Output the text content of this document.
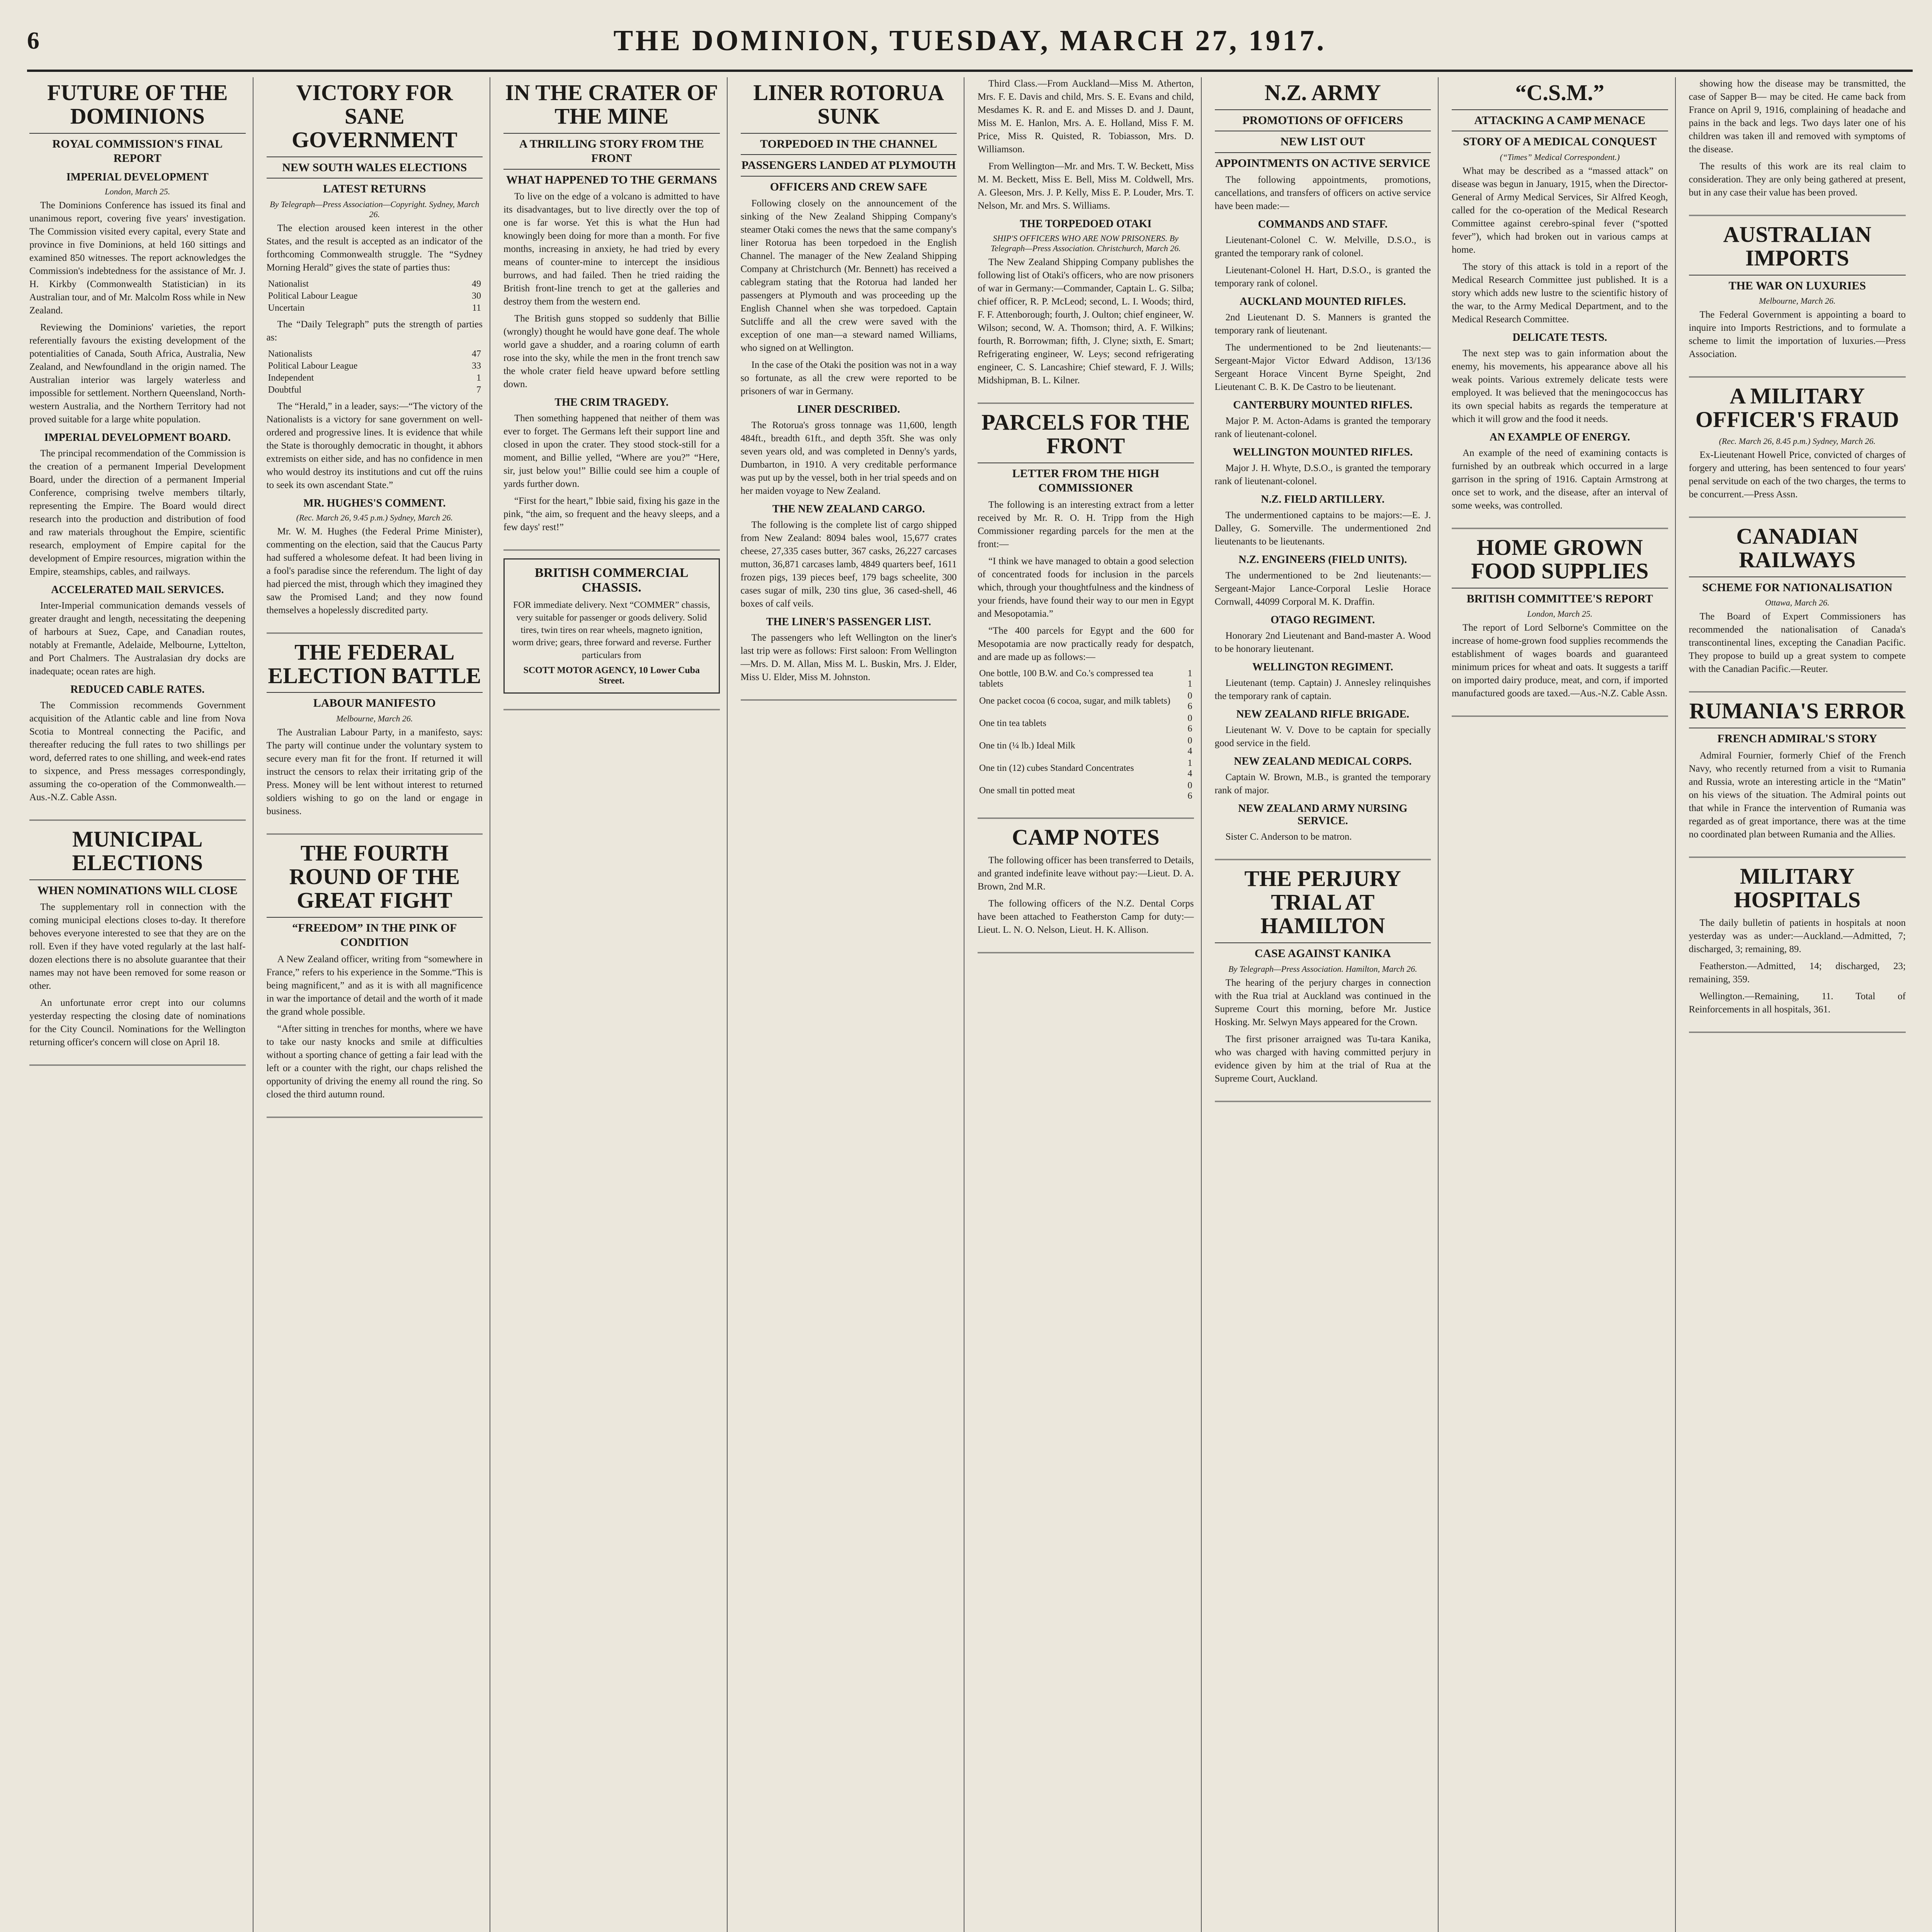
6	THE DOMINION, TUESDAY, MARCH 27, 1917.
FUTURE OF THE DOMINIONS
ROYAL COMMISSION'S FINAL REPORT
IMPERIAL DEVELOPMENT
London, March 25.

The Dominions Conference has issued its final and unanimous report, covering five years' investigation. The Commission visited every capital, every State and province in five Dominions, at held 160 sittings and examined 850 witnesses. The report acknowledges the Commission's indebtedness for the assistance of Mr. J. H. Kirkby (Commonwealth Statistician) in its Australian tour, and of Mr. Malcolm Ross while in New Zealand.

Reviewing the Dominions' varieties, the report referentially favours the existing development of the potentialities of Canada, South Africa, Australia, New Zealand, and Newfoundland in the origin named. The Australian interior was largely waterless and impossible for settlement. Northern Queensland, North-western Australia, and the Northern Territory had not proved suitable for a large white population.

IMPERIAL DEVELOPMENT BOARD.

The principal recommendation of the Commission is the creation of a permanent Imperial Development Board, under the direction of a permanent Imperial Conference, comprising twelve members tiltarly, representing the Empire. The Board would direct research into the production and distribution of food and raw materials throughout the Empire, scientific research, employment of Empire capital for the development of Empire resources, migration within the Empire, steamships, cables, and railways.

ACCELERATED MAIL SERVICES.

Inter-Imperial communication demands vessels of greater draught and length, necessitating the deepening of harbours at Suez, Cape, and Canadian routes, notably at Fremantle, Adelaide, Melbourne, Lyttelton, and Port Chalmers. The Australasian dry docks are inadequate; ocean rates are high.

REDUCED CABLE RATES.

The Commission recommends Government acquisition of the Atlantic cable and line from Nova Scotia to Montreal connecting the Pacific, and thereafter reducing the full rates to two shillings per word, deferred rates to one shilling, and week-end rates to sixpence, and Press messages correspondingly, assuming the co-operation of the Commonwealth.—Aus.-N.Z. Cable Assn.

MUNICIPAL ELECTIONS
WHEN NOMINATIONS WILL CLOSE

The supplementary roll in connection with the coming municipal elections closes to-day. It therefore behoves everyone interested to see that they are on the roll. Even if they have voted regularly at the last half-dozen elections there is no absolute guarantee that their names may not have been removed for some reason or other.

An unfortunate error crept into our columns yesterday respecting the closing date of nominations for the City Council. Nominations for the Wellington returning officer's concern will close on April 18.

VICTORY FOR SANE GOVERNMENT
NEW SOUTH WALES ELECTIONS
LATEST RETURNS
By Telegraph—Press Association—Copyright. Sydney, March 26.

The election aroused keen interest in the other States, and the result is accepted as an indicator of the forthcoming Commonwealth struggle. The “Sydney Morning Herald” gives the state of parties thus:

Nationalist	49
Political Labour League	30
Uncertain	11

The “Daily Telegraph” puts the strength of parties as:

Nationalists	47
Political Labour League	33
Independent	1
Doubtful	7

The “Herald,” in a leader, says:—“The victory of the Nationalists is a victory for sane government on well-ordered and progressive lines. It is evidence that while the State is thoroughly democratic in thought, it abhors extremists on either side, and has no confidence in men who would destroy its institutions and cut off the ruins to seek its own ascendant State.”

MR. HUGHES'S COMMENT.
(Rec. March 26, 9.45 p.m.) Sydney, March 26.

Mr. W. M. Hughes (the Federal Prime Minister), commenting on the election, said that the Caucus Party had suffered a wholesome defeat. It had been living in a fool's paradise since the referendum. The light of day had pierced the mist, through which they imagined they saw the Promised Land; and they now found themselves a hopelessly discredited party.

THE FEDERAL ELECTION BATTLE
LABOUR MANIFESTO
Melbourne, March 26.

The Australian Labour Party, in a manifesto, says: The party will continue under the voluntary system to secure every man fit for the front. If returned it will instruct the censors to relax their irritating grip of the Press. Money will be lent without interest to returned soldiers wishing to go on the land or engage in business.

THE FOURTH ROUND OF THE GREAT FIGHT
“FREEDOM” IN THE PINK OF CONDITION

A New Zealand officer, writing from “somewhere in France,” refers to his experience in the Somme.“This is being magnificent,” and as it is with all magnificence in war the importance of detail and the worth of it made the grand whole possible.

“After sitting in trenches for months, where we have to take our nasty knocks and smile at difficulties without a sporting chance of getting a fair lead with the left or a counter with the right, our chaps relished the opportunity of driving the enemy all round the ring. So closed the third autumn round.

IN THE CRATER OF THE MINE
A THRILLING STORY FROM THE FRONT
WHAT HAPPENED TO THE GERMANS

To live on the edge of a volcano is admitted to have its disadvantages, but to live directly over the top of one is far worse. Yet this is what the Hun had knowingly been doing for more than a month. For five months, increasing in anxiety, he had tried by every means of counter-mine to intercept the insidious burrows, and had failed. Then he tried raiding the British front-line trench to get at the galleries and destroy them from the western end.

The British guns stopped so suddenly that Billie (wrongly) thought he would have gone deaf. The whole world gave a shudder, and a roaring column of earth rose into the sky, while the men in the front trench saw the whole crater field heave upward before settling down.

THE CRIM TRAGEDY.

Then something happened that neither of them was ever to forget. The Germans left their support line and closed in upon the crater. They stood stock-still for a moment, and Billie yelled, “Where are you?” “Here, sir, just below you!” Billie could see him a couple of yards further down.

“First for the heart,” Ibbie said, fixing his gaze in the pink, “the aim, so frequent and the heavy sleeps, and a few days' rest!”

BRITISH COMMERCIAL CHASSIS.
FOR immediate delivery. Next “COMMER” chassis, very suitable for passenger or goods delivery. Solid tires, twin tires on rear wheels, magneto ignition, worm drive; gears, three forward and reverse. Further particulars from
SCOTT MOTOR AGENCY, 10 Lower Cuba Street.
LINER ROTORUA SUNK
TORPEDOED IN THE CHANNEL
PASSENGERS LANDED AT PLYMOUTH
OFFICERS AND CREW SAFE

Following closely on the announcement of the sinking of the New Zealand Shipping Company's steamer Otaki comes the news that the same company's liner Rotorua has been torpedoed in the English Channel. The manager of the New Zealand Shipping Company at Christchurch (Mr. Bennett) has received a cablegram stating that the Rotorua had landed her passengers at Plymouth and was proceeding up the English Channel when she was torpedoed. Captain Sutcliffe and all the crew were saved with the exception of one man—a steward named Williams, who signed on at Wellington.

In the case of the Otaki the position was not in a way so fortunate, as all the crew were reported to be prisoners of war in Germany.

LINER DESCRIBED.

The Rotorua's gross tonnage was 11,600, length 484ft., breadth 61ft., and depth 35ft. She was only seven years old, and was completed in Denny's yards, Dumbarton, in 1910. A very creditable performance was put up by the vessel, both in her trial speeds and on her maiden voyage to New Zealand.

THE NEW ZEALAND CARGO.

The following is the complete list of cargo shipped from New Zealand: 8094 bales wool, 15,677 crates cheese, 27,335 cases butter, 367 casks, 26,227 carcases mutton, 36,871 carcases lamb, 4849 quarters beef, 1611 frozen pigs, 139 pieces beef, 179 bags scheelite, 300 cases sugar of milk, 230 tins glue, 36 cased-shell, 46 boxes of calf veils.

THE LINER'S PASSENGER LIST.

The passengers who left Wellington on the liner's last trip were as follows: First saloon: From Wellington—Mrs. D. M. Allan, Miss M. L. Buskin, Mrs. J. Elder, Miss U. Elder, Miss M. Johnston.

Third Class.—From Auckland—Miss M. Atherton, Mrs. F. E. Davis and child, Mrs. S. E. Evans and child, Mesdames K. R. and E. and Misses D. and J. Daunt, Miss M. E. Hanlon, Mrs. A. E. Holland, Miss F. M. Price, Miss R. Quisted, R. Tobiasson, Mrs. D. Williamson.

From Wellington—Mr. and Mrs. T. W. Beckett, Miss M. M. Beckett, Miss E. Bell, Miss M. Coldwell, Mrs. A. Gleeson, Mrs. J. P. Kelly, Miss E. P. Louder, Mrs. T. Nelson, Mr. and Mrs. S. Williams.

THE TORPEDOED OTAKI
SHIP'S OFFICERS WHO ARE NOW PRISONERS. By Telegraph—Press Association. Christchurch, March 26.

The New Zealand Shipping Company publishes the following list of Otaki's officers, who are now prisoners of war in Germany:—Commander, Captain L. G. Silba; chief officer, R. P. McLeod; second, L. I. Woods; third, F. F. Attenborough; fourth, J. Oulton; chief engineer, W. Wilson; second, W. A. Thomson; third, A. F. Wilkins; fourth, R. Borrowman; fifth, J. Clyne; sixth, E. Smart; Refrigerating engineer, W. Leys; second refrigerating engineer, C. S. Lancashire; Chief steward, F. J. Wills; Midshipman, B. L. Kilner.

PARCELS FOR THE FRONT
LETTER FROM THE HIGH COMMISSIONER

The following is an interesting extract from a letter received by Mr. R. O. H. Tripp from the High Commissioner regarding parcels for the men at the front:—

“I think we have managed to obtain a good selection of concentrated foods for inclusion in the parcels which, through your thoughtfulness and the kindness of your friends, have found their way to our men in Egypt and Mesopotamia.”

“The 400 parcels for Egypt and the 600 for Mesopotamia are now practically ready for despatch, and are made up as follows:—

One bottle, 100 B.W. and Co.'s compressed tea tablets	1 1
One packet cocoa (6 cocoa, sugar, and milk tablets)	0 6
One tin tea tablets	0 6
One tin (¼ lb.) Ideal Milk	0 4
One tin (12) cubes Standard Concentrates	1 4
One small tin potted meat	0 6
CAMP NOTES

The following officer has been transferred to Details, and granted indefinite leave without pay:—Lieut. D. A. Brown, 2nd M.R.

The following officers of the N.Z. Dental Corps have been attached to Featherston Camp for duty:—Lieut. L. N. O. Nelson, Lieut. H. K. Allison.

N.Z. ARMY
PROMOTIONS OF OFFICERS
NEW LIST OUT
APPOINTMENTS ON ACTIVE SERVICE

The following appointments, promotions, cancellations, and transfers of officers on active service have been made:—

COMMANDS AND STAFF.

Lieutenant-Colonel C. W. Melville, D.S.O., is granted the temporary rank of colonel.

Lieutenant-Colonel H. Hart, D.S.O., is granted the temporary rank of colonel.

AUCKLAND MOUNTED RIFLES.

2nd Lieutenant D. S. Manners is granted the temporary rank of lieutenant.

The undermentioned to be 2nd lieutenants:—Sergeant-Major Victor Edward Addison, 13/136 Sergeant Horace Vincent Byrne Speight, 2nd Lieutenant C. B. K. De Castro to be lieutenant.

CANTERBURY MOUNTED RIFLES.

Major P. M. Acton-Adams is granted the temporary rank of lieutenant-colonel.

WELLINGTON MOUNTED RIFLES.

Major J. H. Whyte, D.S.O., is granted the temporary rank of lieutenant-colonel.

N.Z. FIELD ARTILLERY.

The undermentioned captains to be majors:—E. J. Dalley, G. Somerville. The undermentioned 2nd lieutenants to be lieutenants.

N.Z. ENGINEERS (FIELD UNITS).

The undermentioned to be 2nd lieutenants:—Sergeant-Major Lance-Corporal Leslie Horace Cornwall, 44099 Corporal M. K. Draffin.

OTAGO REGIMENT.

Honorary 2nd Lieutenant and Band-master A. Wood to be honorary lieutenant.

WELLINGTON REGIMENT.

Lieutenant (temp. Captain) J. Annesley relinquishes the temporary rank of captain.

NEW ZEALAND RIFLE BRIGADE.

Lieutenant W. V. Dove to be captain for specially good service in the field.

NEW ZEALAND MEDICAL CORPS.

Captain W. Brown, M.B., is granted the temporary rank of major.

NEW ZEALAND ARMY NURSING SERVICE.

Sister C. Anderson to be matron.

THE PERJURY TRIAL AT HAMILTON
CASE AGAINST KANIKA
By Telegraph—Press Association. Hamilton, March 26.

The hearing of the perjury charges in connection with the Rua trial at Auckland was continued in the Supreme Court this morning, before Mr. Justice Hosking. Mr. Selwyn Mays appeared for the Crown.

The first prisoner arraigned was Tu-tara Kanika, who was charged with having committed perjury in evidence given by him at the trial of Rua at the Supreme Court, Auckland.

“C.S.M.”
ATTACKING A CAMP MENACE
STORY OF A MEDICAL CONQUEST
(“Times” Medical Correspondent.)

What may be described as a “massed attack” on disease was begun in January, 1915, when the Director-General of Army Medical Services, Sir Alfred Keogh, called for the co-operation of the Medical Research Committee against cerebro-spinal fever (“spotted fever”), which had broken out in various camps at home.

The story of this attack is told in a report of the Medical Research Committee just published. It is a story which adds new lustre to the scientific history of the war, to the Army Medical Department, and to the Medical Research Committee.

DELICATE TESTS.

The next step was to gain information about the enemy, his movements, his appearance above all his weak points. Various extremely delicate tests were employed. It was believed that the meningococcus has its own special habits as regards the temperature at which it will grow and the food it needs.

AN EXAMPLE OF ENERGY.

An example of the need of examining contacts is furnished by an outbreak which occurred in a large garrison in the spring of 1916. Captain Armstrong at once set to work, and the disease, after an interval of some weeks, was controlled.

HOME GROWN FOOD SUPPLIES
BRITISH COMMITTEE'S REPORT
London, March 25.

The report of Lord Selborne's Committee on the increase of home-grown food supplies recommends the establishment of wages boards and guaranteed minimum prices for wheat and oats. It suggests a tariff on imported dairy produce, meat, and corn, if imported manufactured goods are taxed.—Aus.-N.Z. Cable Assn.

showing how the disease may be transmitted, the case of Sapper B— may be cited. He came back from France on April 9, 1916, complaining of headache and pains in the back and legs. Two days later one of his children was taken ill and removed with symptoms of the disease.

The results of this work are its real claim to consideration. They are only being gathered at present, but in any case their value has been proved.

AUSTRALIAN IMPORTS
THE WAR ON LUXURIES
Melbourne, March 26.

The Federal Government is appointing a board to inquire into Imports Restrictions, and to formulate a scheme to limit the importation of luxuries.—Press Association.

A MILITARY OFFICER'S FRAUD
(Rec. March 26, 8.45 p.m.) Sydney, March 26.

Ex-Lieutenant Howell Price, convicted of charges of forgery and uttering, has been sentenced to four years' penal servitude on each of the two charges, the terms to be concurrent.—Press Assn.

CANADIAN RAILWAYS
SCHEME FOR NATIONALISATION
Ottawa, March 26.

The Board of Expert Commissioners has recommended the nationalisation of Canada's transcontinental lines, excepting the Canadian Pacific. They propose to build up a great system to compete with the Canadian Pacific.—Reuter.

RUMANIA'S ERROR
FRENCH ADMIRAL'S STORY

Admiral Fournier, formerly Chief of the French Navy, who recently returned from a visit to Rumania and Russia, wrote an interesting article in the “Matin” on his views of the situation. The Admiral points out that while in France the intervention of Rumania was regarded as of great importance, there was at the time no coordinated plan between Rumania and the Allies.

MILITARY HOSPITALS

The daily bulletin of patients in hospitals at noon yesterday was as under:—Auckland.—Admitted, 7; discharged, 3; remaining, 89.

Featherston.—Admitted, 14; discharged, 23; remaining, 359.

Wellington.—Remaining, 11. Total of Reinforcements in all hospitals, 361.
